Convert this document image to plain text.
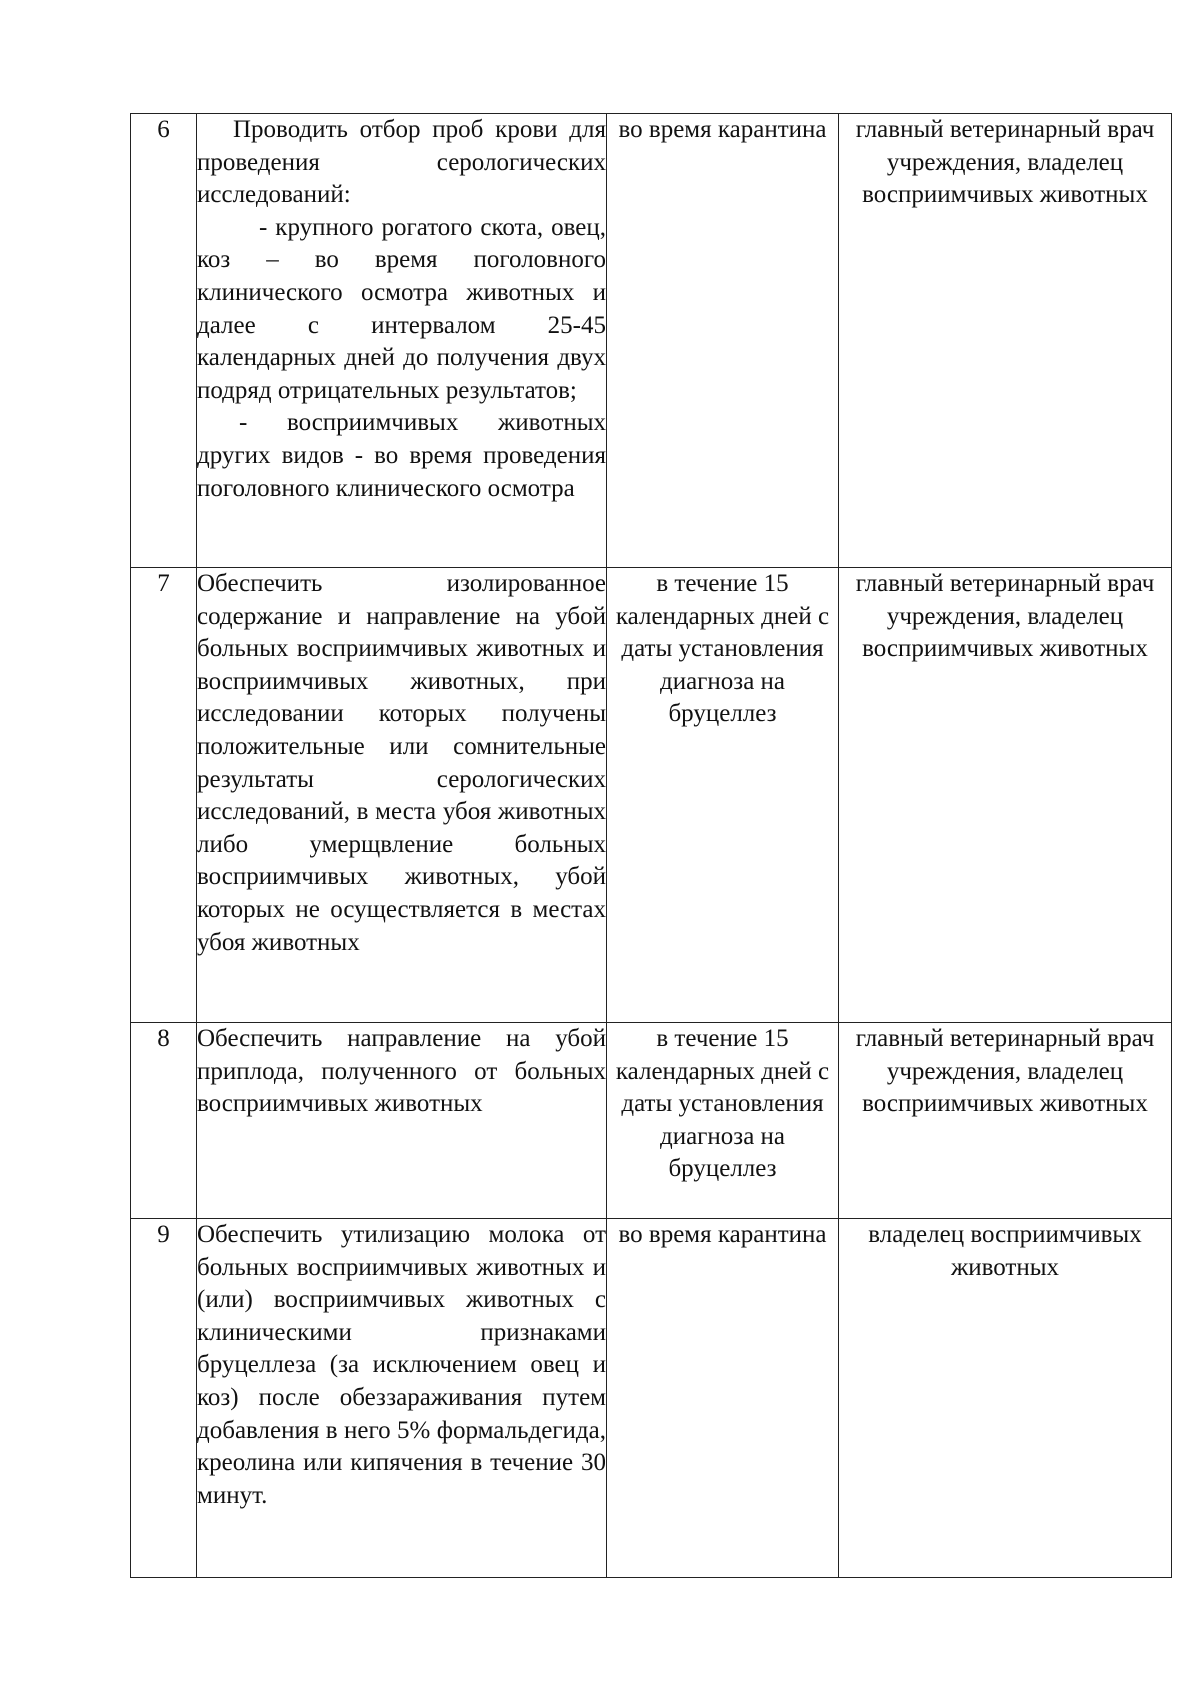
6	Проводить отбор проб крови для проведения серологических исследований:

- крупного рогатого скота, овец, коз – во время поголовного клинического осмотра животных и далее с интервалом 25-45 календарных дней до получения двух подряд отрицательных результатов;

- восприимчивых животных других видов - во время проведения поголовного клинического осмотра	во время карантина	главный ветеринарный врач учреждения, владелец восприимчивых животных
7	Обеспечить изолированное содержание и направление на убой больных восприимчивых животных и восприимчивых животных, при исследовании которых получены положительные или сомнительные результаты серологических исследований, в места убоя животных либо умерщвление больных восприимчивых животных, убой которых не осуществляется в местах убоя животных	в течение 15 календарных дней с даты установления диагноза на бруцеллез	главный ветеринарный врач учреждения, владелец восприимчивых животных
8	Обеспечить направление на убой приплода, полученного от больных восприимчивых животных	в течение 15 календарных дней с даты установления диагноза на бруцеллез	главный ветеринарный врач учреждения, владелец восприимчивых животных
9	Обеспечить утилизацию молока от больных восприимчивых животных и (или) восприимчивых животных с клиническими признаками бруцеллеза (за исключением овец и коз) после обеззараживания путем добавления в него 5% формальдегида, креолина или кипячения в течение 30 минут.	во время карантина	владелец восприимчивых животных
